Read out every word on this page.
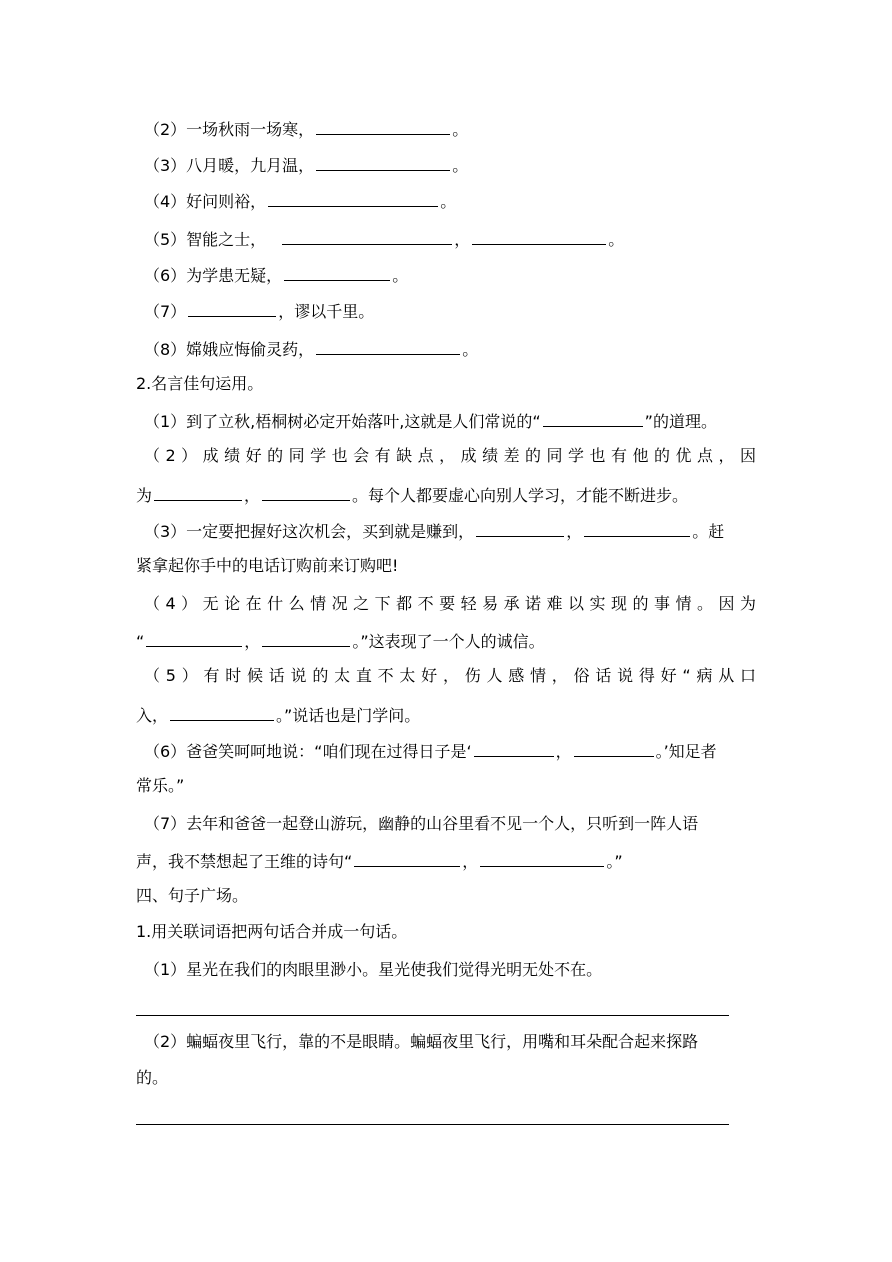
（2）一场秋雨一场寒，	。
（3）八月暖，九月温，	。
（4）好问则裕，	。
（5）智能之士，	，	。
（6）为学患无疑，	。
（7）	，谬以千里。
（8）嫦娥应悔偷灵药，	。
2.名言佳句运用。
（1）到了立秋,梧桐树必定开始落叶,这就是人们常说的“	”的道理。
（2）成绩好的同学也会有缺点，成绩差的同学也有他的优点，因
为	，	。每个人都要虚心向别人学习，才能不断进步。
（3）一定要把握好这次机会，买到就是赚到，	，	。赶
紧拿起你手中的电话订购前来订购吧!
（4）无论在什么情况之下都不要轻易承诺难以实现的事情。因为
“	，	。”这表现了一个人的诚信。
（5）有时候话说的太直不太好，伤人感情，俗话说得好“病从口
入，	。”说话也是门学问。
（6）爸爸笑呵呵地说：“咱们现在过得日子是‘	，	。’知足者
常乐。”
（7）去年和爸爸一起登山游玩，幽静的山谷里看不见一个人，只听到一阵人语
声，我不禁想起了王维的诗句“	，	。”
四、句子广场。
1.用关联词语把两句话合并成一句话。
（1）星光在我们的肉眼里渺小。星光使我们觉得光明无处不在。
（2）蝙蝠夜里飞行，靠的不是眼睛。蝙蝠夜里飞行，用嘴和耳朵配合起来探路
的。
